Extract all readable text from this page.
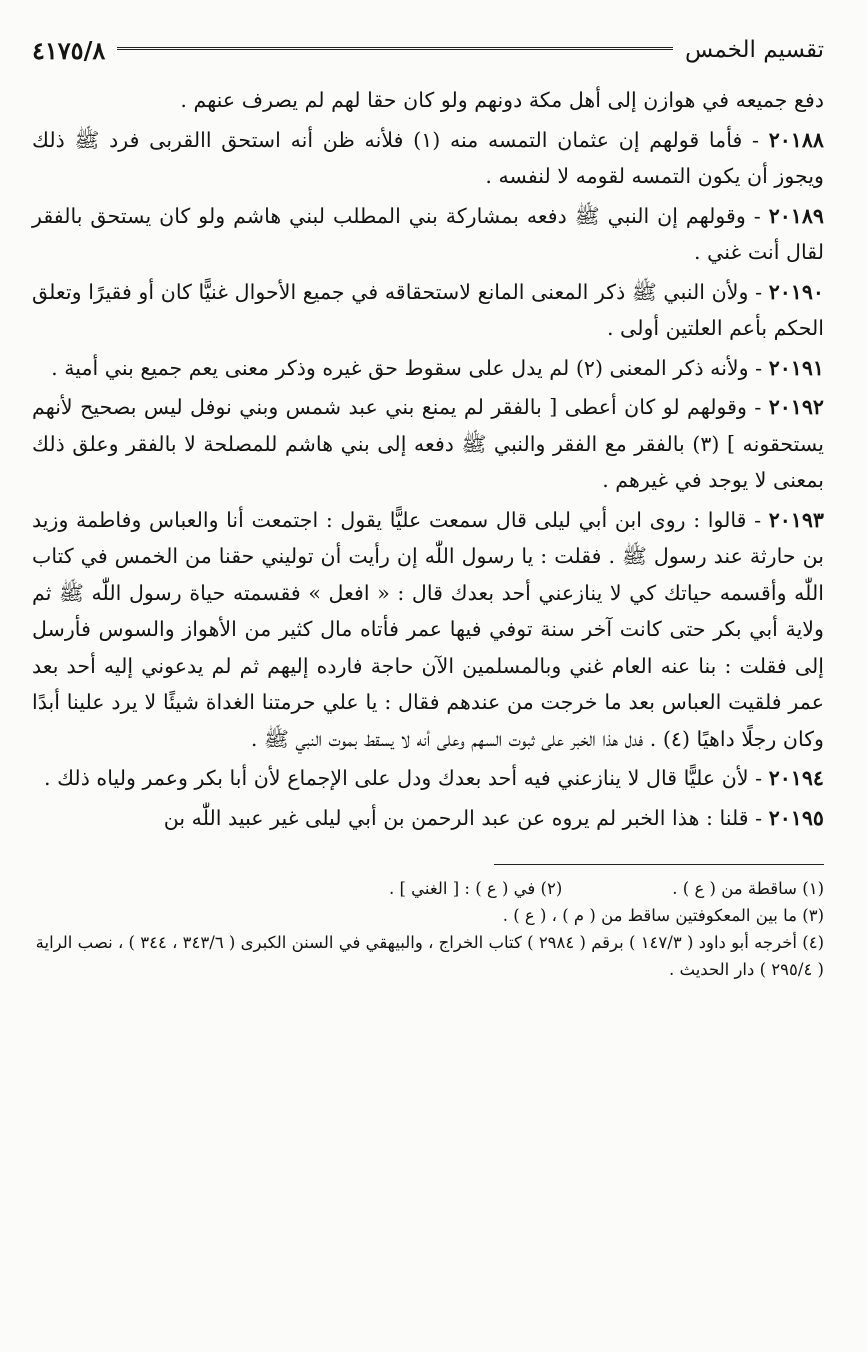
تقسيم الخمس
٤١٧٥/٨

دفع جميعه في هوازن إلى أهل مكة دونهم ولو كان حقا لهم لم يصرف عنهم .

٢٠١٨٨ - فأما قولهم إن عثمان التمسه منه (١) فلأنه ظن أنه استحق االقربى فرد ﷺ ذلك ويجوز أن يكون التمسه لقومه لا لنفسه .

٢٠١٨٩ - وقولهم إن النبي ﷺ دفعه بمشاركة بني المطلب لبني هاشم ولو كان يستحق بالفقر لقال أنت غني .

٢٠١٩٠ - ولأن النبي ﷺ ذكر المعنى المانع لاستحقاقه في جميع الأحوال غنيًّا كان أو فقيرًا وتعلق الحكم بأعم العلتين أولى .

٢٠١٩١ - ولأنه ذكر المعنى (٢) لم يدل على سقوط حق غيره وذكر معنى يعم جميع بني أمية .

٢٠١٩٢ - وقولهم لو كان أعطى [ بالفقر لم يمنع بني عبد شمس وبني نوفل ليس بصحيح لأنهم يستحقونه ] (٣) بالفقر مع الفقر والنبي ﷺ دفعه إلى بني هاشم للمصلحة لا بالفقر وعلق ذلك بمعنى لا يوجد في غيرهم .

٢٠١٩٣ - قالوا : روى ابن أبي ليلى قال سمعت عليًّا يقول : اجتمعت أنا والعباس وفاطمة وزيد بن حارثة عند رسول ﷺ . فقلت : يا رسول اللّٰه إن رأيت أن توليني حقنا من الخمس في كتاب اللّٰه وأقسمه حياتك كي لا ينازعني أحد بعدك قال : « افعل » فقسمته حياة رسول اللّٰه ﷺ ثم ولاية أبي بكر حتى كانت آخر سنة توفي فيها عمر فأتاه مال كثير من الأهواز والسوس فأرسل إلى فقلت : بنا عنه العام غني وبالمسلمين الآن حاجة فارده إليهم ثم لم يدعوني إليه أحد بعد عمر فلقيت العباس بعد ما خرجت من عندهم فقال : يا علي حرمتنا الغداة شيئًا لا يرد علينا أبدًا وكان رجلًا داهيًا (٤) . فدل هذا الخبر على ثبوت السهم وعلى أنه لا يسقط بموت النبي ﷺ .

٢٠١٩٤ - لأن عليًّا قال لا ينازعني فيه أحد بعدك ودل على الإجماع لأن أبا بكر وعمر ولياه ذلك .

٢٠١٩٥ - قلنا : هذا الخبر لم يروه عن عبد الرحمن بن أبي ليلى غير عبيد اللّٰه بن

(١) ساقطة من ( ع ) .
(٢) في ( ع ) : [ الغني ] .
(٣) ما بين المعكوفتين ساقط من ( م ) ، ( ع ) .
(٤) أخرجه أبو داود ( ١٤٧/٣ ) برقم ( ٢٩٨٤ ) كتاب الخراج ، والبيهقي في السنن الكبرى ( ٣٤٣/٦ ، ٣٤٤ ) ، نصب الراية ( ٢٩٥/٤ ) دار الحديث .
